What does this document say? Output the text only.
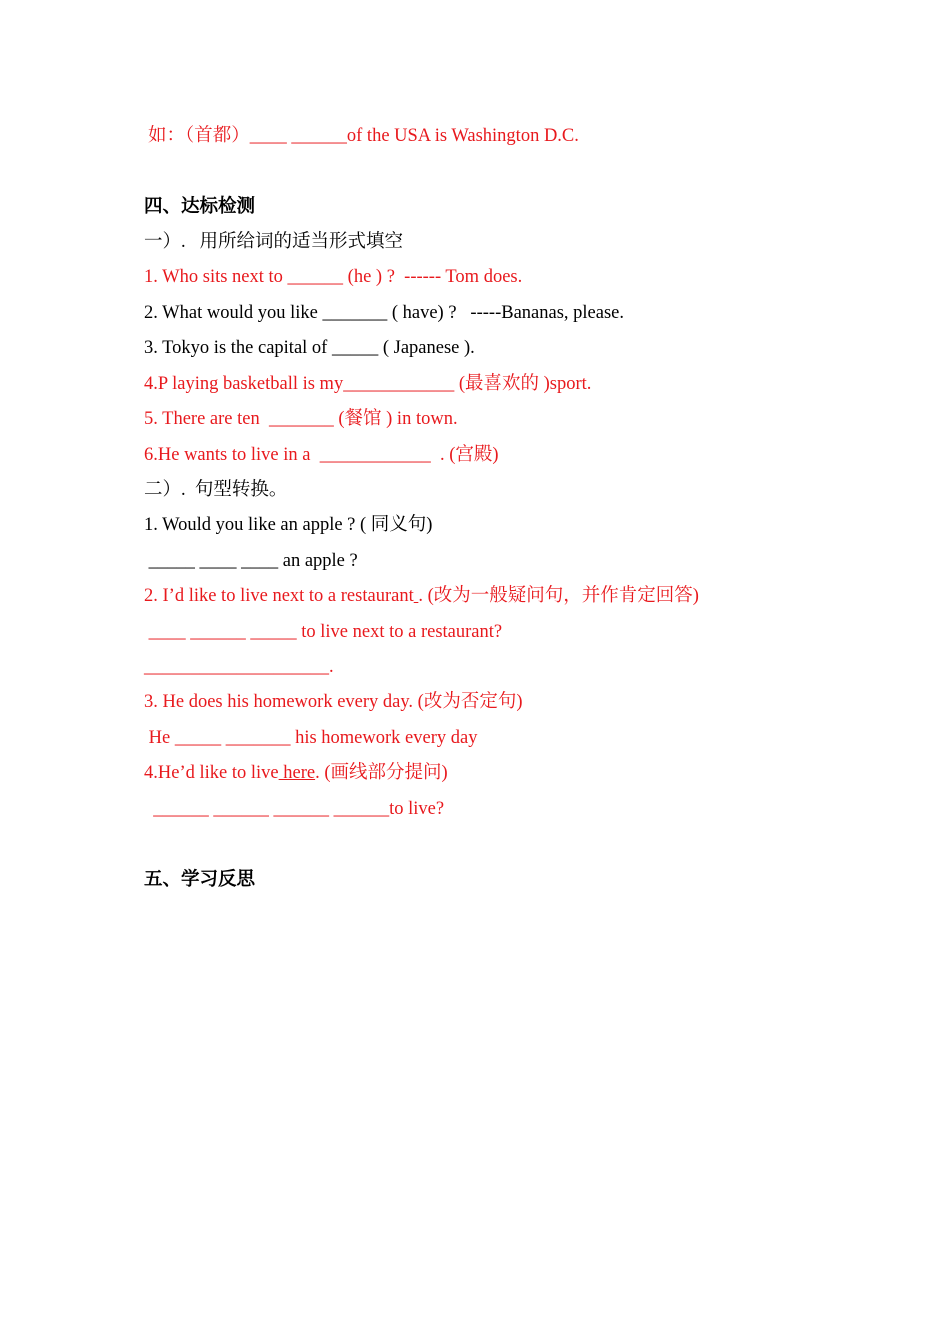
如：（首都）____ ______of the USA is Washington D.C.
四、达标检测
一）.   用所给词的适当形式填空
1. Who sits next to ______ (he ) ?  ------ Tom does.
2. What would you like _______ ( have) ?   -----Bananas, please.
3. Tokyo is the capital of _____ ( Japanese ).
4.P laying basketball is my____________ (最喜欢的 )sport.
5. There are ten  _______ (餐馆 ) in town.
6.He wants to live in a  ____________  . (宫殿)
二）.  句型转换。
1. Would you like an apple ? ( 同义句)
_____ ____ ____ an apple ?
2. I’d like to live next to a restaurant . (改为一般疑问句，并作肯定回答)
____ ______ _____ to live next to a restaurant?
____________________.
3. He does his homework every day. (改为否定句)
He _____ _______ his homework every day
4.He’d like to live here. (画线部分提问)
______ ______ ______ ______to live?
五、学习反思
